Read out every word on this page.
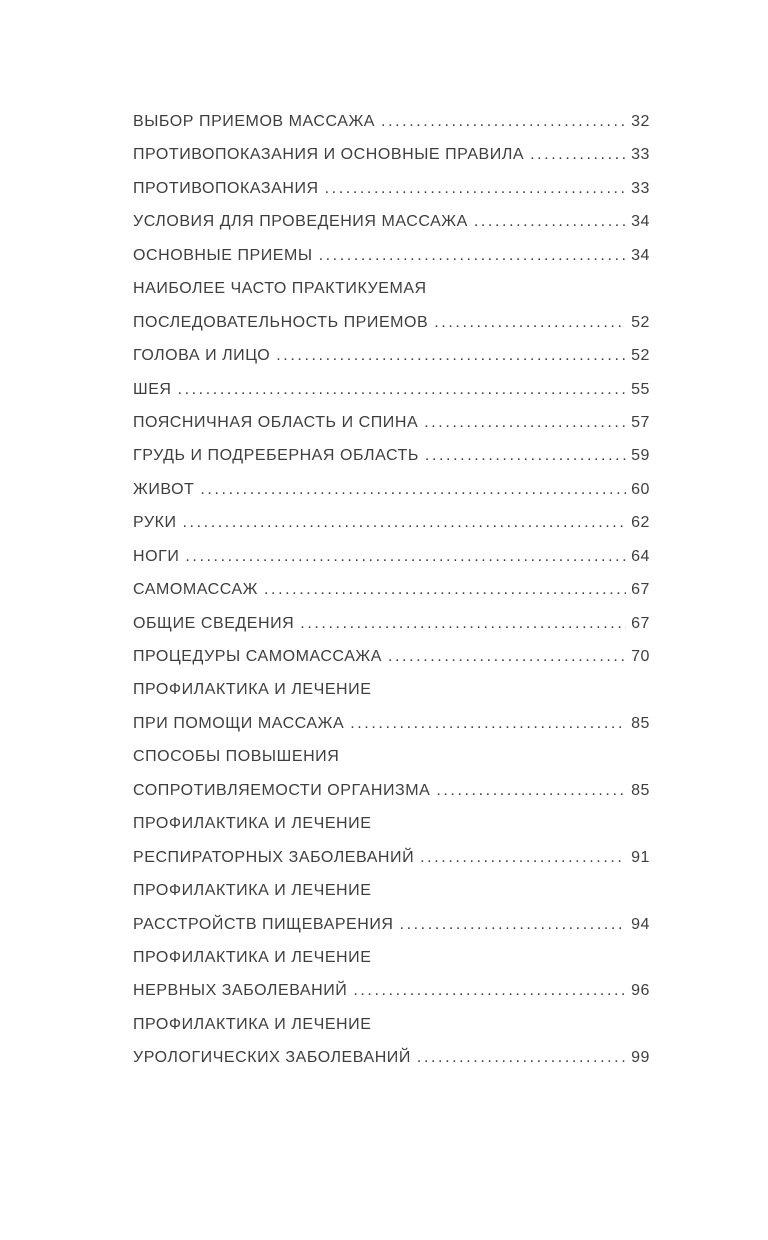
ВЫБОР ПРИЕМОВ МАССАЖА .....	32
ПРОТИВОПОКАЗАНИЯ И ОСНОВНЫЕ ПРАВИЛА .....	33
ПРОТИВОПОКАЗАНИЯ .....	33
УСЛОВИЯ ДЛЯ ПРОВЕДЕНИЯ МАССАЖА .....	34
ОСНОВНЫЕ ПРИЕМЫ .....	34
НАИБОЛЕЕ ЧАСТО ПРАКТИКУЕМАЯ
ПОСЛЕДОВАТЕЛЬНОСТЬ ПРИЕМОВ .....	52
ГОЛОВА И ЛИЦО .....	52
ШЕЯ .....	55
ПОЯСНИЧНАЯ ОБЛАСТЬ И СПИНА .....	57
ГРУДЬ И ПОДРЕБЕРНАЯ ОБЛАСТЬ .....	59
ЖИВОТ .....	60
РУКИ .....	62
НОГИ .....	64
САМОМАССАЖ .....	67
ОБЩИЕ СВЕДЕНИЯ .....	67
ПРОЦЕДУРЫ САМОМАССАЖА .....	70
ПРОФИЛАКТИКА И ЛЕЧЕНИЕ
ПРИ ПОМОЩИ МАССАЖА .....	85
СПОСОБЫ ПОВЫШЕНИЯ
СОПРОТИВЛЯЕМОСТИ ОРГАНИЗМА .....	85
ПРОФИЛАКТИКА И ЛЕЧЕНИЕ
РЕСПИРАТОРНЫХ ЗАБОЛЕВАНИЙ .....	91
ПРОФИЛАКТИКА И ЛЕЧЕНИЕ
РАССТРОЙСТВ ПИЩЕВАРЕНИЯ .....	94
ПРОФИЛАКТИКА И ЛЕЧЕНИЕ
НЕРВНЫХ ЗАБОЛЕВАНИЙ .....	96
ПРОФИЛАКТИКА И ЛЕЧЕНИЕ
УРОЛОГИЧЕСКИХ ЗАБОЛЕВАНИЙ .....	99
